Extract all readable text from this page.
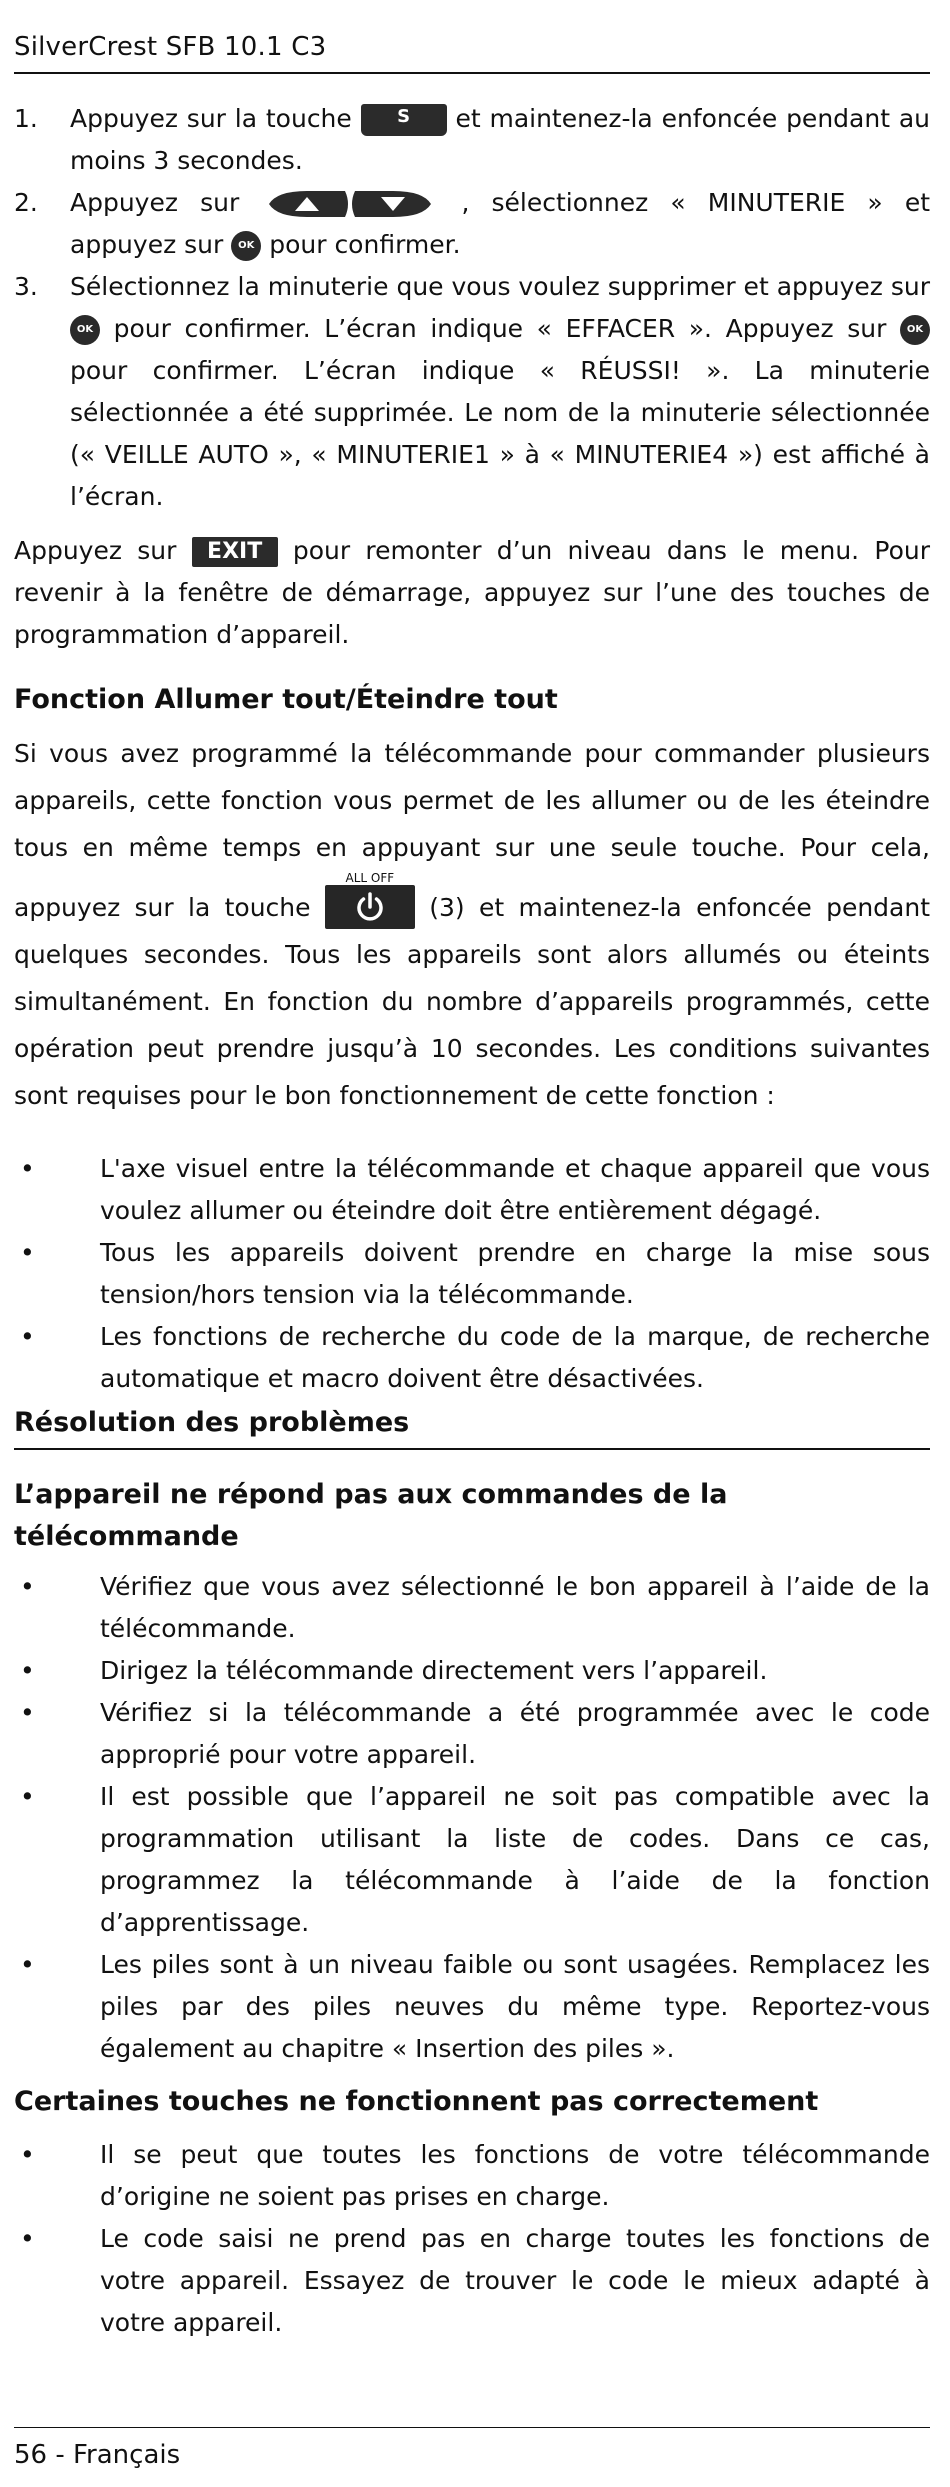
SilverCrest SFB 10.1 C3
1. Appuyez sur la touche	S et maintenez-la enfoncée pendant au moins 3 secondes.
2. Appuyez sur	, sélectionnez « MINUTERIE » et appuyez sur OK pour confirmer.
3. Sélectionnez la minuterie que vous voulez supprimer et appuyez sur OK pour confirmer. L’écran indique « EFFACER ». Appuyez sur OK pour confirmer. L’écran indique « RÉUSSI! ». La minuterie sélectionnée a été supprimée. Le nom de la minuterie sélectionnée (« VEILLE AUTO », « MINUTERIE1 » à « MINUTERIE4 ») est affiché à l’écran.

Appuyez sur EXIT pour remonter d’un niveau dans le menu. Pour revenir à la fenêtre de démarrage, appuyez sur l’une des touches de programmation d’appareil.

Fonction Allumer tout/Éteindre tout

Si vous avez programmé la télécommande pour commander plusieurs appareils, cette fonction vous permet de les allumer ou de les éteindre tous en même temps en appuyant sur une seule touche. Pour cela, appuyez sur la touche
ALL OFF
(3) et maintenez-la enfoncée pendant quelques secondes. Tous les appareils sont alors allumés ou éteints simultanément. En fonction du nombre d’appareils programmés, cette opération peut prendre jusqu’à 10 secondes. Les conditions suivantes sont requises pour le bon fonctionnement de cette fonction :

•	L'axe visuel entre la télécommande et chaque appareil que vous voulez allumer ou éteindre doit être entièrement dégagé.
•	Tous les appareils doivent prendre en charge la mise sous tension/hors tension via la télécommande.
•	Les fonctions de recherche du code de la marque, de recherche automatique et macro doivent être désactivées.
Résolution des problèmes
L’appareil ne répond pas aux commandes de la télécommande
•	Vérifiez que vous avez sélectionné le bon appareil à l’aide de la télécommande.
•	Dirigez la télécommande directement vers l’appareil.
•	Vérifiez si la télécommande a été programmée avec le code approprié pour votre appareil.
•	Il est possible que l’appareil ne soit pas compatible avec la programmation utilisant la liste de codes. Dans ce cas, programmez la télécommande à l’aide de la fonction d’apprentissage.
•	Les piles sont à un niveau faible ou sont usagées. Remplacez les piles par des piles neuves du même type. Reportez-vous également au chapitre « Insertion des piles ».
Certaines touches ne fonctionnent pas correctement
•	Il se peut que toutes les fonctions de votre télécommande d’origine ne soient pas prises en charge.
•	Le code saisi ne prend pas en charge toutes les fonctions de votre appareil. Essayez de trouver le code le mieux adapté à votre appareil.
56 - Français
